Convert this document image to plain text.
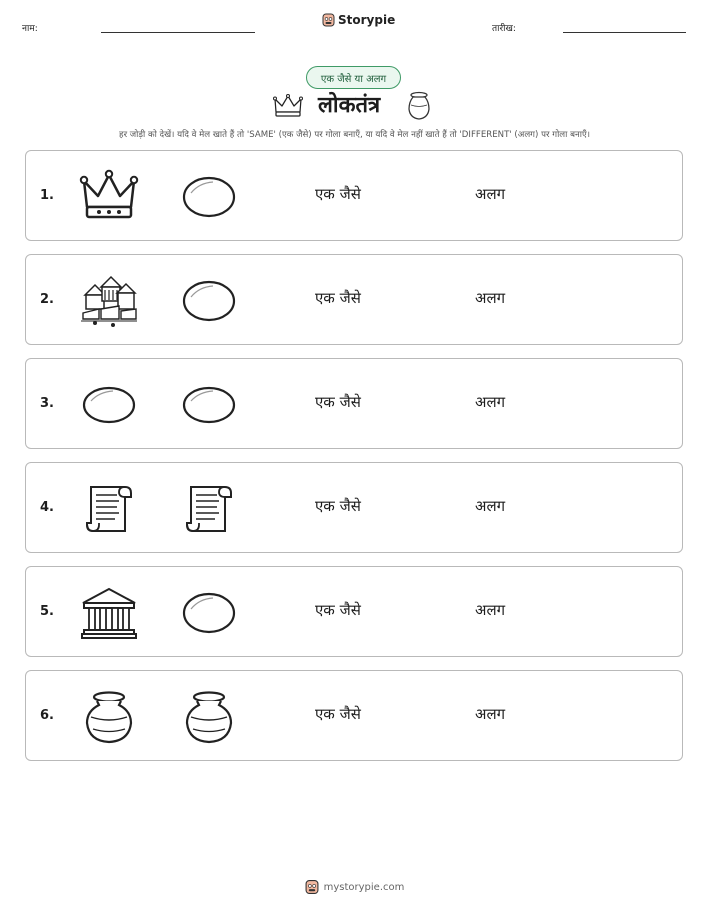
नाम:
Storypie
तारीख:
एक जैसे या अलग
लोकतंत्र
हर जोड़ी को देखें। यदि वे मेल खाते हैं तो 'SAME' (एक जैसे) पर गोला बनाएँ, या यदि वे मेल नहीं खाते हैं तो 'DIFFERENT' (अलग) पर गोला बनाएँ।
1.	एक जैसे	अलग
2.	एक जैसे	अलग
3.	एक जैसे	अलग
4.	एक जैसे	अलग
5.	एक जैसे	अलग
6.	एक जैसे	अलग
mystorypie.com
